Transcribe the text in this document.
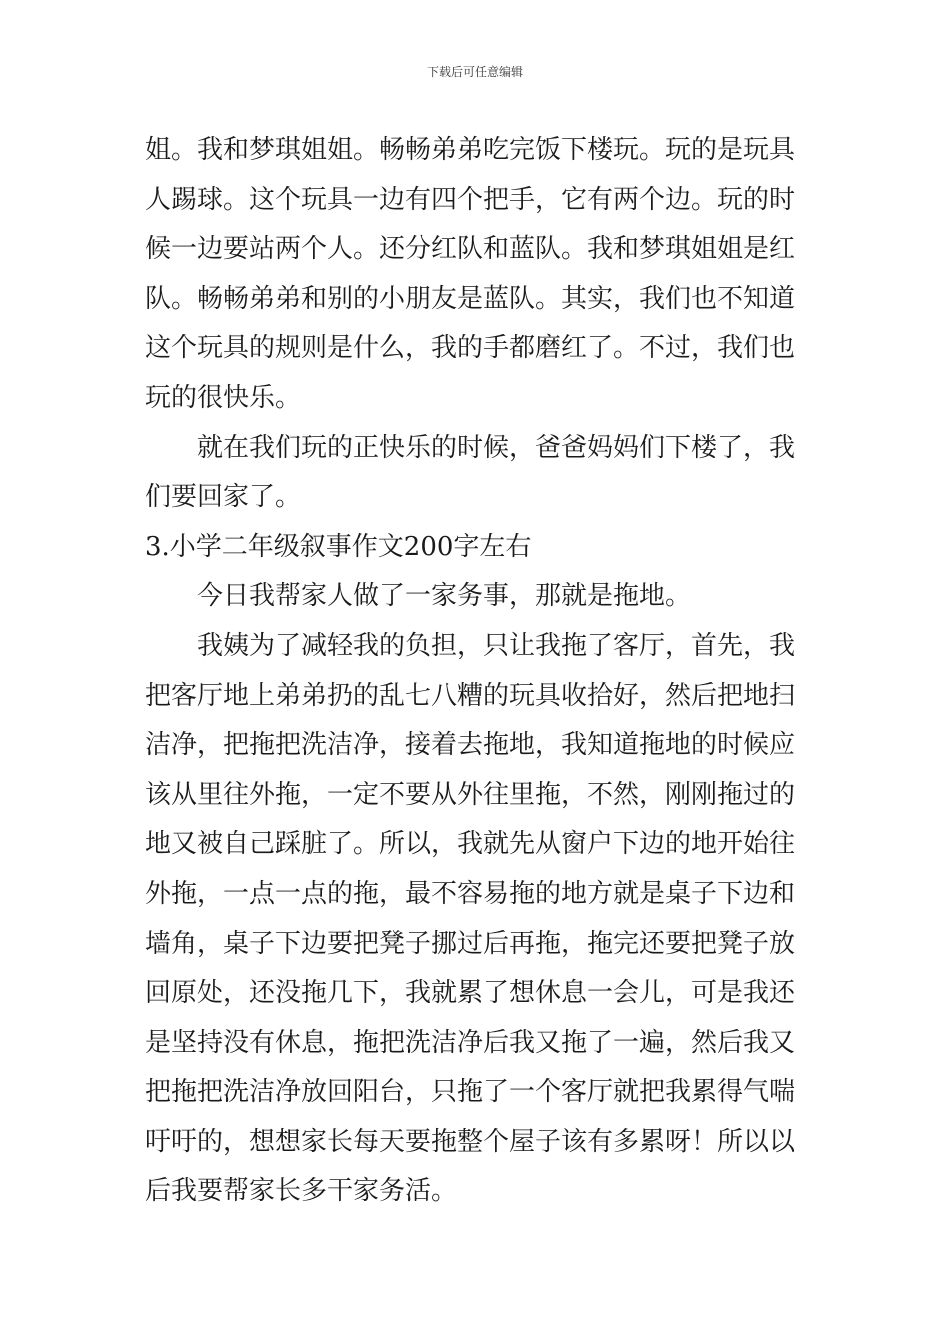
下载后可任意编辑
姐。我和梦琪姐姐。畅畅弟弟吃完饭下楼玩。玩的是玩具
人踢球。这个玩具一边有四个把手，它有两个边。玩的时
候一边要站两个人。还分红队和蓝队。我和梦琪姐姐是红
队。畅畅弟弟和别的小朋友是蓝队。其实，我们也不知道
这个玩具的规则是什么，我的手都磨红了。不过，我们也
玩的很快乐。
就在我们玩的正快乐的时候，爸爸妈妈们下楼了，我
们要回家了。
3.小学二年级叙事作文200字左右
今日我帮家人做了一家务事，那就是拖地。
我姨为了减轻我的负担，只让我拖了客厅，首先，我
把客厅地上弟弟扔的乱七八糟的玩具收拾好，然后把地扫
洁净，把拖把洗洁净，接着去拖地，我知道拖地的时候应
该从里往外拖，一定不要从外往里拖，不然，刚刚拖过的
地又被自己踩脏了。所以，我就先从窗户下边的地开始往
外拖，一点一点的拖，最不容易拖的地方就是桌子下边和
墙角，桌子下边要把凳子挪过后再拖，拖完还要把凳子放
回原处，还没拖几下，我就累了想休息一会儿，可是我还
是坚持没有休息，拖把洗洁净后我又拖了一遍，然后我又
把拖把洗洁净放回阳台，只拖了一个客厅就把我累得气喘
吁吁的，想想家长每天要拖整个屋子该有多累呀！所以以
后我要帮家长多干家务活。
